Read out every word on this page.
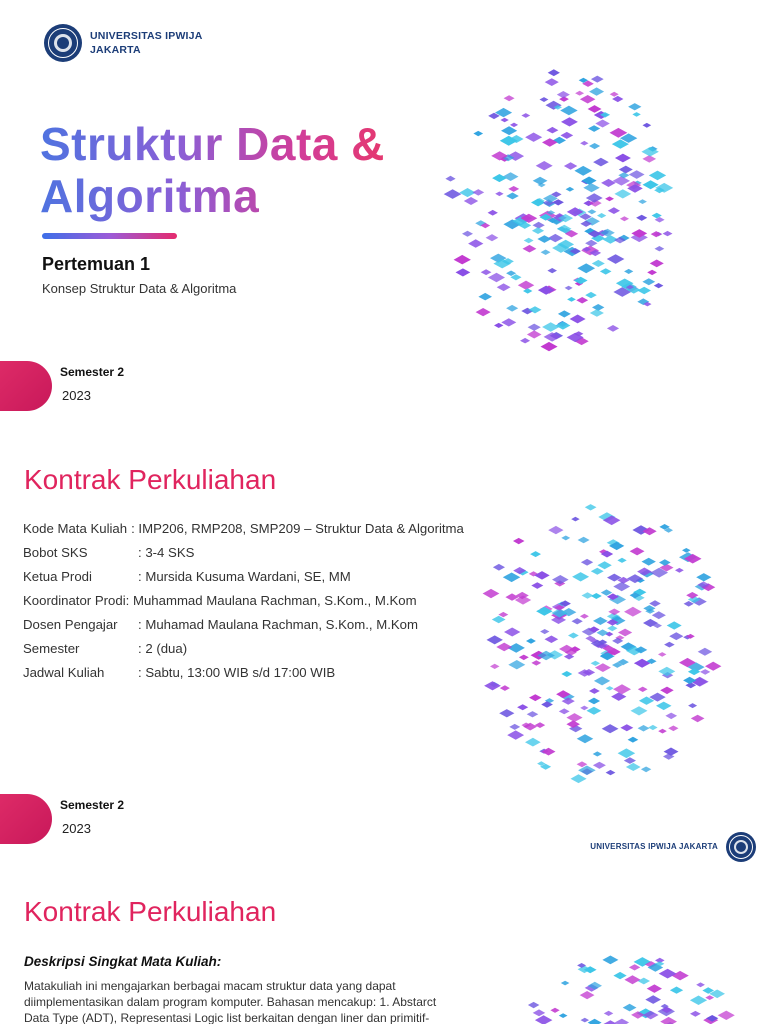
UNIVERSITAS IPWIJA
JAKARTA
Struktur Data &
Algoritma
Pertemuan 1
Konsep Struktur Data & Algoritma
Semester 2
2023
Kontrak Perkuliahan
Kode Mata Kuliah : IMP206, RMP208, SMP209 – Struktur Data & Algoritma
Bobot SKS	: 3-4 SKS
Ketua Prodi	: Mursida Kusuma Wardani, SE, MM
Koordinator Prodi : Muhammad Maulana Rachman, S.Kom., M.Kom
Dosen Pengajar	: Muhamad Maulana Rachman, S.Kom., M.Kom
Semester	: 2 (dua)
Jadwal Kuliah	: Sabtu, 13:00 WIB s/d 17:00 WIB
Semester 2
2023
UNIVERSITAS IPWIJA JAKARTA
Kontrak Perkuliahan
Deskripsi Singkat Mata Kuliah:

Matakuliah ini mengajarkan berbagai macam struktur data yang dapat diimplementasikan dalam program komputer. Bahasan mencakup: 1. Abstarct Data Type (ADT), Representasi Logic list berkaitan dengan liner dan primitif-
